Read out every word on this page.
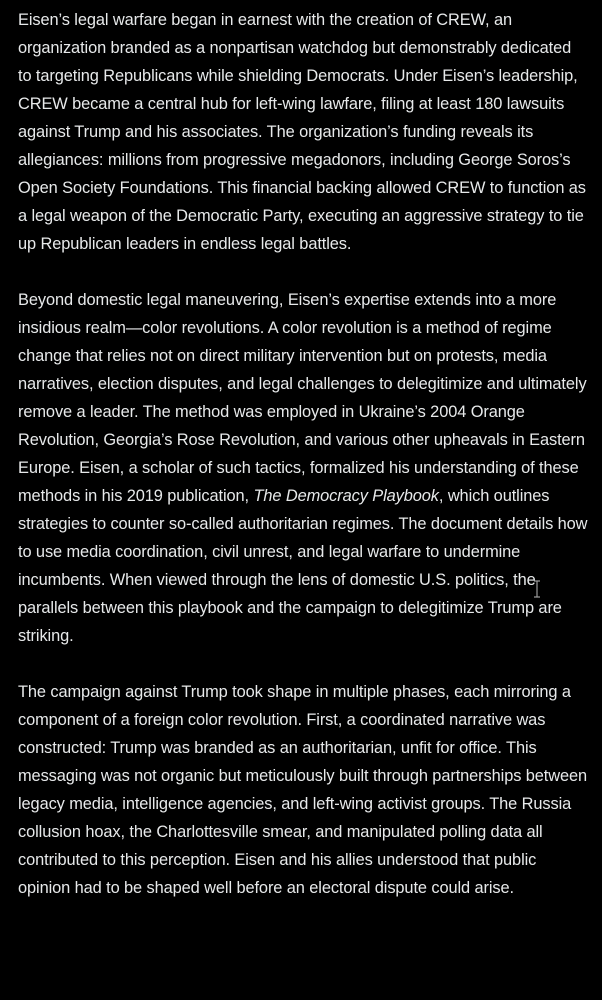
Eisen’s legal warfare began in earnest with the creation of CREW, an organization branded as a nonpartisan watchdog but demonstrably dedicated to targeting Republicans while shielding Democrats. Under Eisen’s leadership, CREW became a central hub for left-wing lawfare, filing at least 180 lawsuits against Trump and his associates. The organization’s funding reveals its allegiances: millions from progressive megadonors, including George Soros’s Open Society Foundations. This financial backing allowed CREW to function as a legal weapon of the Democratic Party, executing an aggressive strategy to tie up Republican leaders in endless legal battles.

Beyond domestic legal maneuvering, Eisen’s expertise extends into a more insidious realm—color revolutions. A color revolution is a method of regime change that relies not on direct military intervention but on protests, media narratives, election disputes, and legal challenges to delegitimize and ultimately remove a leader. The method was employed in Ukraine’s 2004 Orange Revolution, Georgia’s Rose Revolution, and various other upheavals in Eastern Europe. Eisen, a scholar of such tactics, formalized his understanding of these methods in his 2019 publication, The Democracy Playbook, which outlines strategies to counter so-called authoritarian regimes. The document details how to use media coordination, civil unrest, and legal warfare to undermine incumbents. When viewed through the lens of domestic U.S. politics, the parallels between this playbook and the campaign to delegitimize Trump are striking.

The campaign against Trump took shape in multiple phases, each mirroring a component of a foreign color revolution. First, a coordinated narrative was constructed: Trump was branded as an authoritarian, unfit for office. This messaging was not organic but meticulously built through partnerships between legacy media, intelligence agencies, and left-wing activist groups. The Russia collusion hoax, the Charlottesville smear, and manipulated polling data all contributed to this perception. Eisen and his allies understood that public opinion had to be shaped well before an electoral dispute could arise.
